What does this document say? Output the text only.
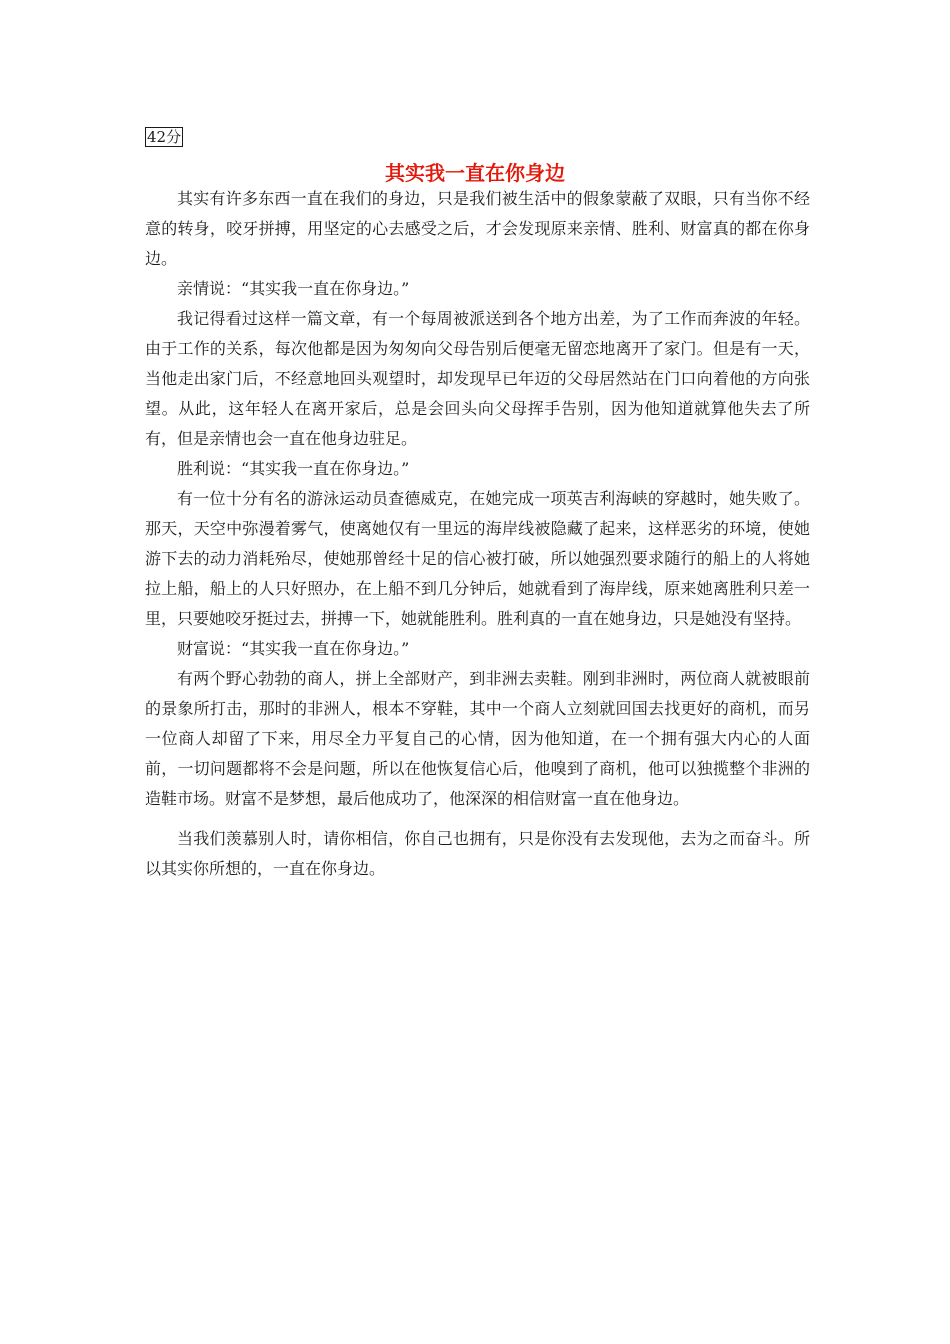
42分
其实我一直在你身边

其实有许多东西一直在我们的身边，只是我们被生活中的假象蒙蔽了双眼，只有当你不经意的转身，咬牙拼搏，用坚定的心去感受之后，才会发现原来亲情、胜利、财富真的都在你身边。

亲情说：“其实我一直在你身边。”

我记得看过这样一篇文章，有一个每周被派送到各个地方出差，为了工作而奔波的年轻。由于工作的关系，每次他都是因为匆匆向父母告别后便毫无留恋地离开了家门。但是有一天，当他走出家门后，不经意地回头观望时，却发现早已年迈的父母居然站在门口向着他的方向张望。从此，这年轻人在离开家后，总是会回头向父母挥手告别，因为他知道就算他失去了所有，但是亲情也会一直在他身边驻足。

胜利说：“其实我一直在你身边。”

有一位十分有名的游泳运动员查德威克，在她完成一项英吉利海峡的穿越时，她失败了。那天，天空中弥漫着雾气，使离她仅有一里远的海岸线被隐藏了起来，这样恶劣的环境，使她游下去的动力消耗殆尽，使她那曾经十足的信心被打破，所以她强烈要求随行的船上的人将她拉上船，船上的人只好照办，在上船不到几分钟后，她就看到了海岸线，原来她离胜利只差一里，只要她咬牙挺过去，拼搏一下，她就能胜利。胜利真的一直在她身边，只是她没有坚持。

财富说：“其实我一直在你身边。”

有两个野心勃勃的商人，拼上全部财产，到非洲去卖鞋。刚到非洲时，两位商人就被眼前的景象所打击，那时的非洲人，根本不穿鞋，其中一个商人立刻就回国去找更好的商机，而另一位商人却留了下来，用尽全力平复自己的心情，因为他知道，在一个拥有强大内心的人面前，一切问题都将不会是问题，所以在他恢复信心后，他嗅到了商机，他可以独揽整个非洲的造鞋市场。财富不是梦想，最后他成功了，他深深的相信财富一直在他身边。

当我们羡慕别人时，请你相信，你自己也拥有，只是你没有去发现他，去为之而奋斗。所以其实你所想的，一直在你身边。
